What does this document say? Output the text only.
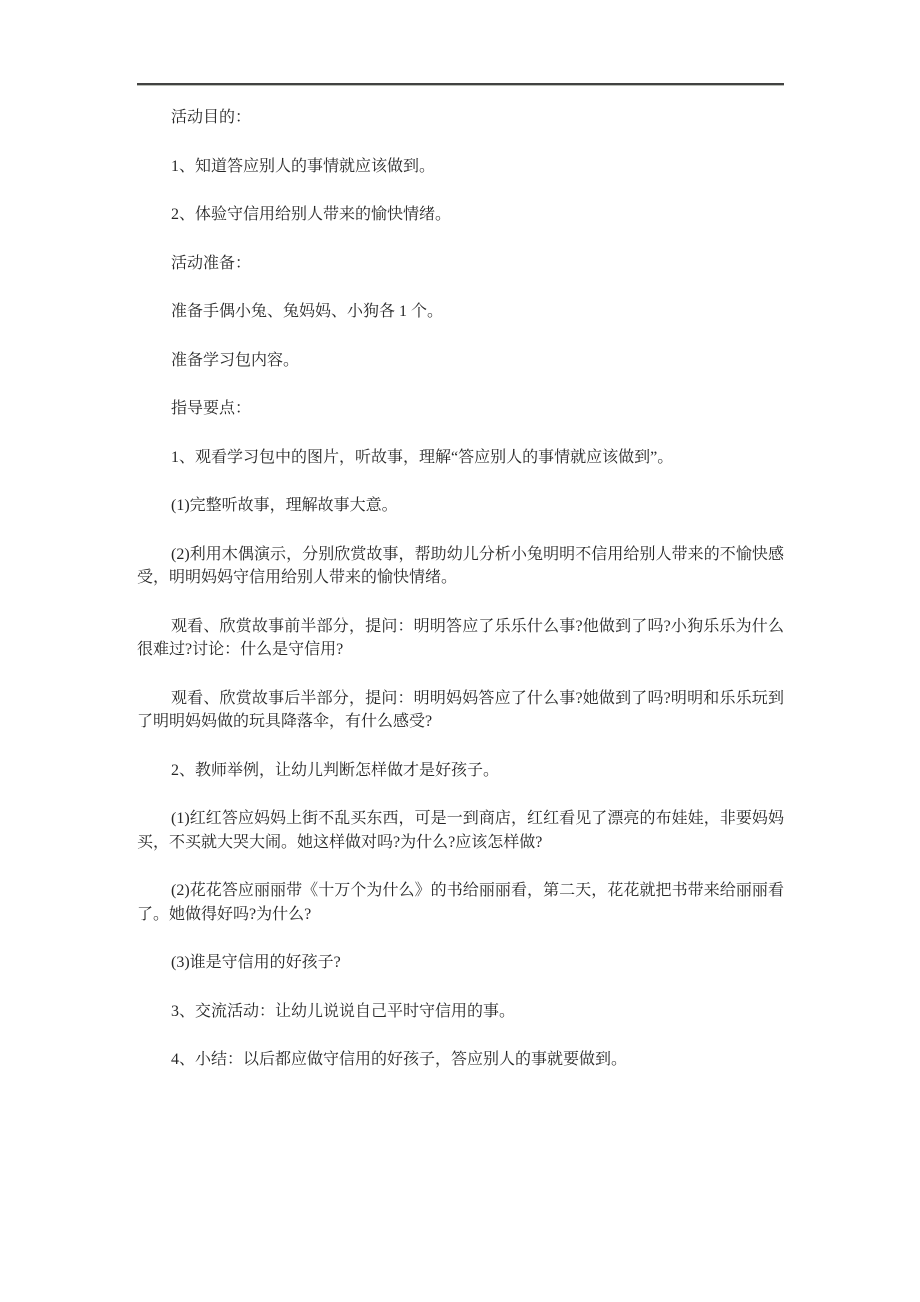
活动目的：

1、知道答应别人的事情就应该做到。

2、体验守信用给别人带来的愉快情绪。

活动准备：

准备手偶小兔、兔妈妈、小狗各 1 个。

准备学习包内容。

指导要点：

1、观看学习包中的图片，听故事，理解“答应别人的事情就应该做到”。

(1)完整听故事，理解故事大意。

(2)利用木偶演示，分别欣赏故事，帮助幼儿分析小兔明明不信用给别人带来的不愉快感受，明明妈妈守信用给别人带来的愉快情绪。

观看、欣赏故事前半部分，提问：明明答应了乐乐什么事?他做到了吗?小狗乐乐为什么很难过?讨论：什么是守信用?

观看、欣赏故事后半部分，提问：明明妈妈答应了什么事?她做到了吗?明明和乐乐玩到了明明妈妈做的玩具降落伞，有什么感受?

2、教师举例，让幼儿判断怎样做才是好孩子。

(1)红红答应妈妈上街不乱买东西，可是一到商店，红红看见了漂亮的布娃娃，非要妈妈买，不买就大哭大闹。她这样做对吗?为什么?应该怎样做?

(2)花花答应丽丽带《十万个为什么》的书给丽丽看，第二天，花花就把书带来给丽丽看了。她做得好吗?为什么?

(3)谁是守信用的好孩子?

3、交流活动：让幼儿说说自己平时守信用的事。

4、小结：以后都应做守信用的好孩子，答应别人的事就要做到。
